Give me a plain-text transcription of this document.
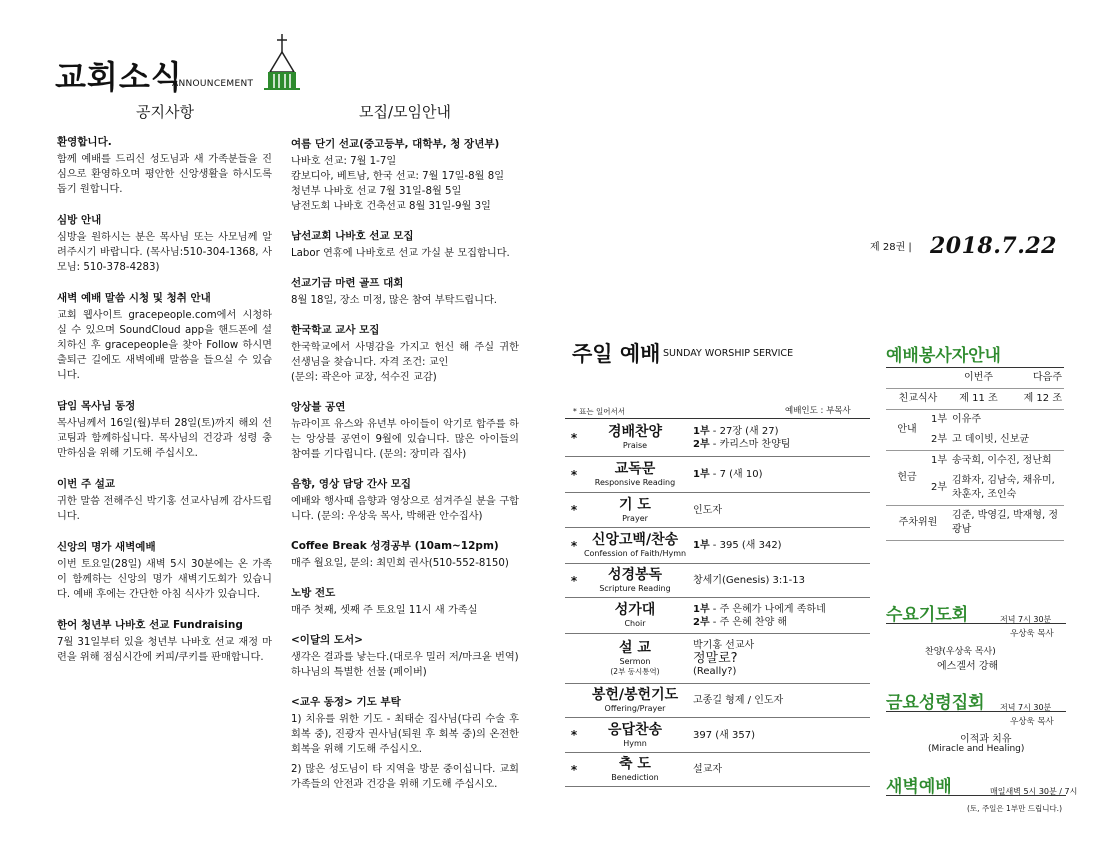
교회소식
ANNOUNCEMENT
공지사항	모집/모임안내
환영합니다.

함께 예배를 드리신 성도님과 새 가족분들을 진심으로 환영하오며 평안한 신앙생활을 하시도록 돕기 원합니다.

심방 안내

심방을 원하시는 분은 목사님 또는 사모님께 알려주시기 바랍니다. (목사님:510-304-1368, 사모님: 510-378-4283)

새벽 예배 말씀 시청 및 청취 안내

교회 웹사이트 gracepeople.com에서 시청하실 수 있으며 SoundCloud app을 핸드폰에 설치하신 후 gracepeople을 찾아 Follow 하시면 출퇴근 길에도 새벽예배 말씀을 들으실 수 있습니다.

담임 목사님 동정

목사님께서 16일(월)부터 28일(토)까지 해외 선교팀과 함께하십니다. 목사님의 건강과 성령 충만하심을 위해 기도해 주십시오.

이번 주 설교

귀한 말씀 전해주신 박기홍 선교사님께 감사드립니다.

신앙의 명가 새벽예배

이번 토요일(28일) 새벽 5시 30분에는 온 가족이 함께하는 신앙의 명가 새벽기도회가 있습니다. 예배 후에는 간단한 아침 식사가 있습니다.

한어 청년부 나바호 선교 Fundraising

7월 31일부터 있을 청년부 나바호 선교 재정 마련을 위해 점심시간에 커피/쿠키를 판매합니다.

여름 단기 선교(중고등부, 대학부, 청 장년부)
나바호 선교: 7월 1-7일
캄보디아, 베트남, 한국 선교: 7월 17일-8월 8일
청년부 나바호 선교 7월 31일-8월 5일
남전도회 나바호 건축선교 8월 31일-9월 3일
남선교회 나바호 선교 모집
Labor 연휴에 나바호로 선교 가실 분 모집합니다.
선교기금 마련 골프 대회
8월 18일, 장소 미정, 많은 참여 부탁드립니다.
한국학교 교사 모집

한국학교에서 사명감을 가지고 헌신 해 주실 귀한 선생님을 찾습니다. 자격 조건: 교인

(문의: 곽은아 교장, 석수진 교감)
앙상블 공연

뉴라이프 유스와 유년부 아이들이 악기로 합주를 하는 앙상블 공연이 9월에 있습니다. 많은 아이들의 참여를 기다립니다. (문의: 장미라 집사)

음향, 영상 담당 간사 모집

예배와 행사때 음향과 영상으로 섬겨주실 분을 구합니다. (문의: 우상욱 목사, 박해관 안수집사)

Coffee Break 성경공부 (10am~12pm)
매주 월요일, 문의: 최민희 권사(510-552-8150)
노방 전도
매주 첫째, 셋째 주 토요일 11시 새 가족실
<이달의 도서>
생각은 결과를 낳는다.(대로우 밀러 저/마크윤 번역)
하나님의 특별한 선물 (페이버)
<교우 동정> 기도 부탁

1) 치유를 위한 기도 - 최태순 집사님(다리 수술 후 회복 중), 진광자 권사님(퇴원 후 회복 중)의 온전한 회복을 위해 기도해 주십시오.

2) 많은 성도님이 타 지역을 방문 중이십니다. 교회 가족들의 안전과 건강을 위해 기도해 주십시오.

제 28권 | 2018.7.22
주일 예배 SUNDAY WORSHIP SERVICE
* 표는 일어서서	예배인도 : 부목사
*	경배찬양
Praise
1부 - 27장 (새 27)
2부 - 카리스마 찬양팀
*	교독문
Responsive Reading
1부 - 7 (새 10)
*	기 도
Prayer
인도자
*	신앙고백/찬송
Confession of Faith/Hymn
1부 - 395 (새 342)
*	성경봉독
Scripture Reading
창세기(Genesis) 3:1-13
성가대
Choir
1부 - 주 은혜가 나에게 족하네
2부 - 주 은혜 찬양 해
설 교
Sermon
(2부 동시통역)
박기홍 선교사
정말로?
(Really?)
봉헌/봉헌기도
Offering/Prayer
고종길 형제 / 인도자
*	응답찬송
Hymn
397 (새 357)
*	축 도
Benediction
설교자
예배봉사자안내
		이번주	다음주
친교식사		제 11 조	제 12 조
안내	1부	이유주	
	2부	고 데이빗, 신보균	
헌금	1부	송국희, 이수진, 정난희	
	2부	김화자, 김남숙, 채유미, 차훈자, 조인숙	
주차위원		김준, 박영길, 박재형, 정광남	
수요기도회	저녁 7시 30분
우상욱 목사
찬양(우상욱 목사)
에스겔서 강해
금요성령집회 저녁 7시 30분
우상욱 목사
이적과 치유
(Miracle and Healing)
새벽예배	매일새벽 5시 30분 / 7시
(토, 주일은 1부만 드립니다.)
